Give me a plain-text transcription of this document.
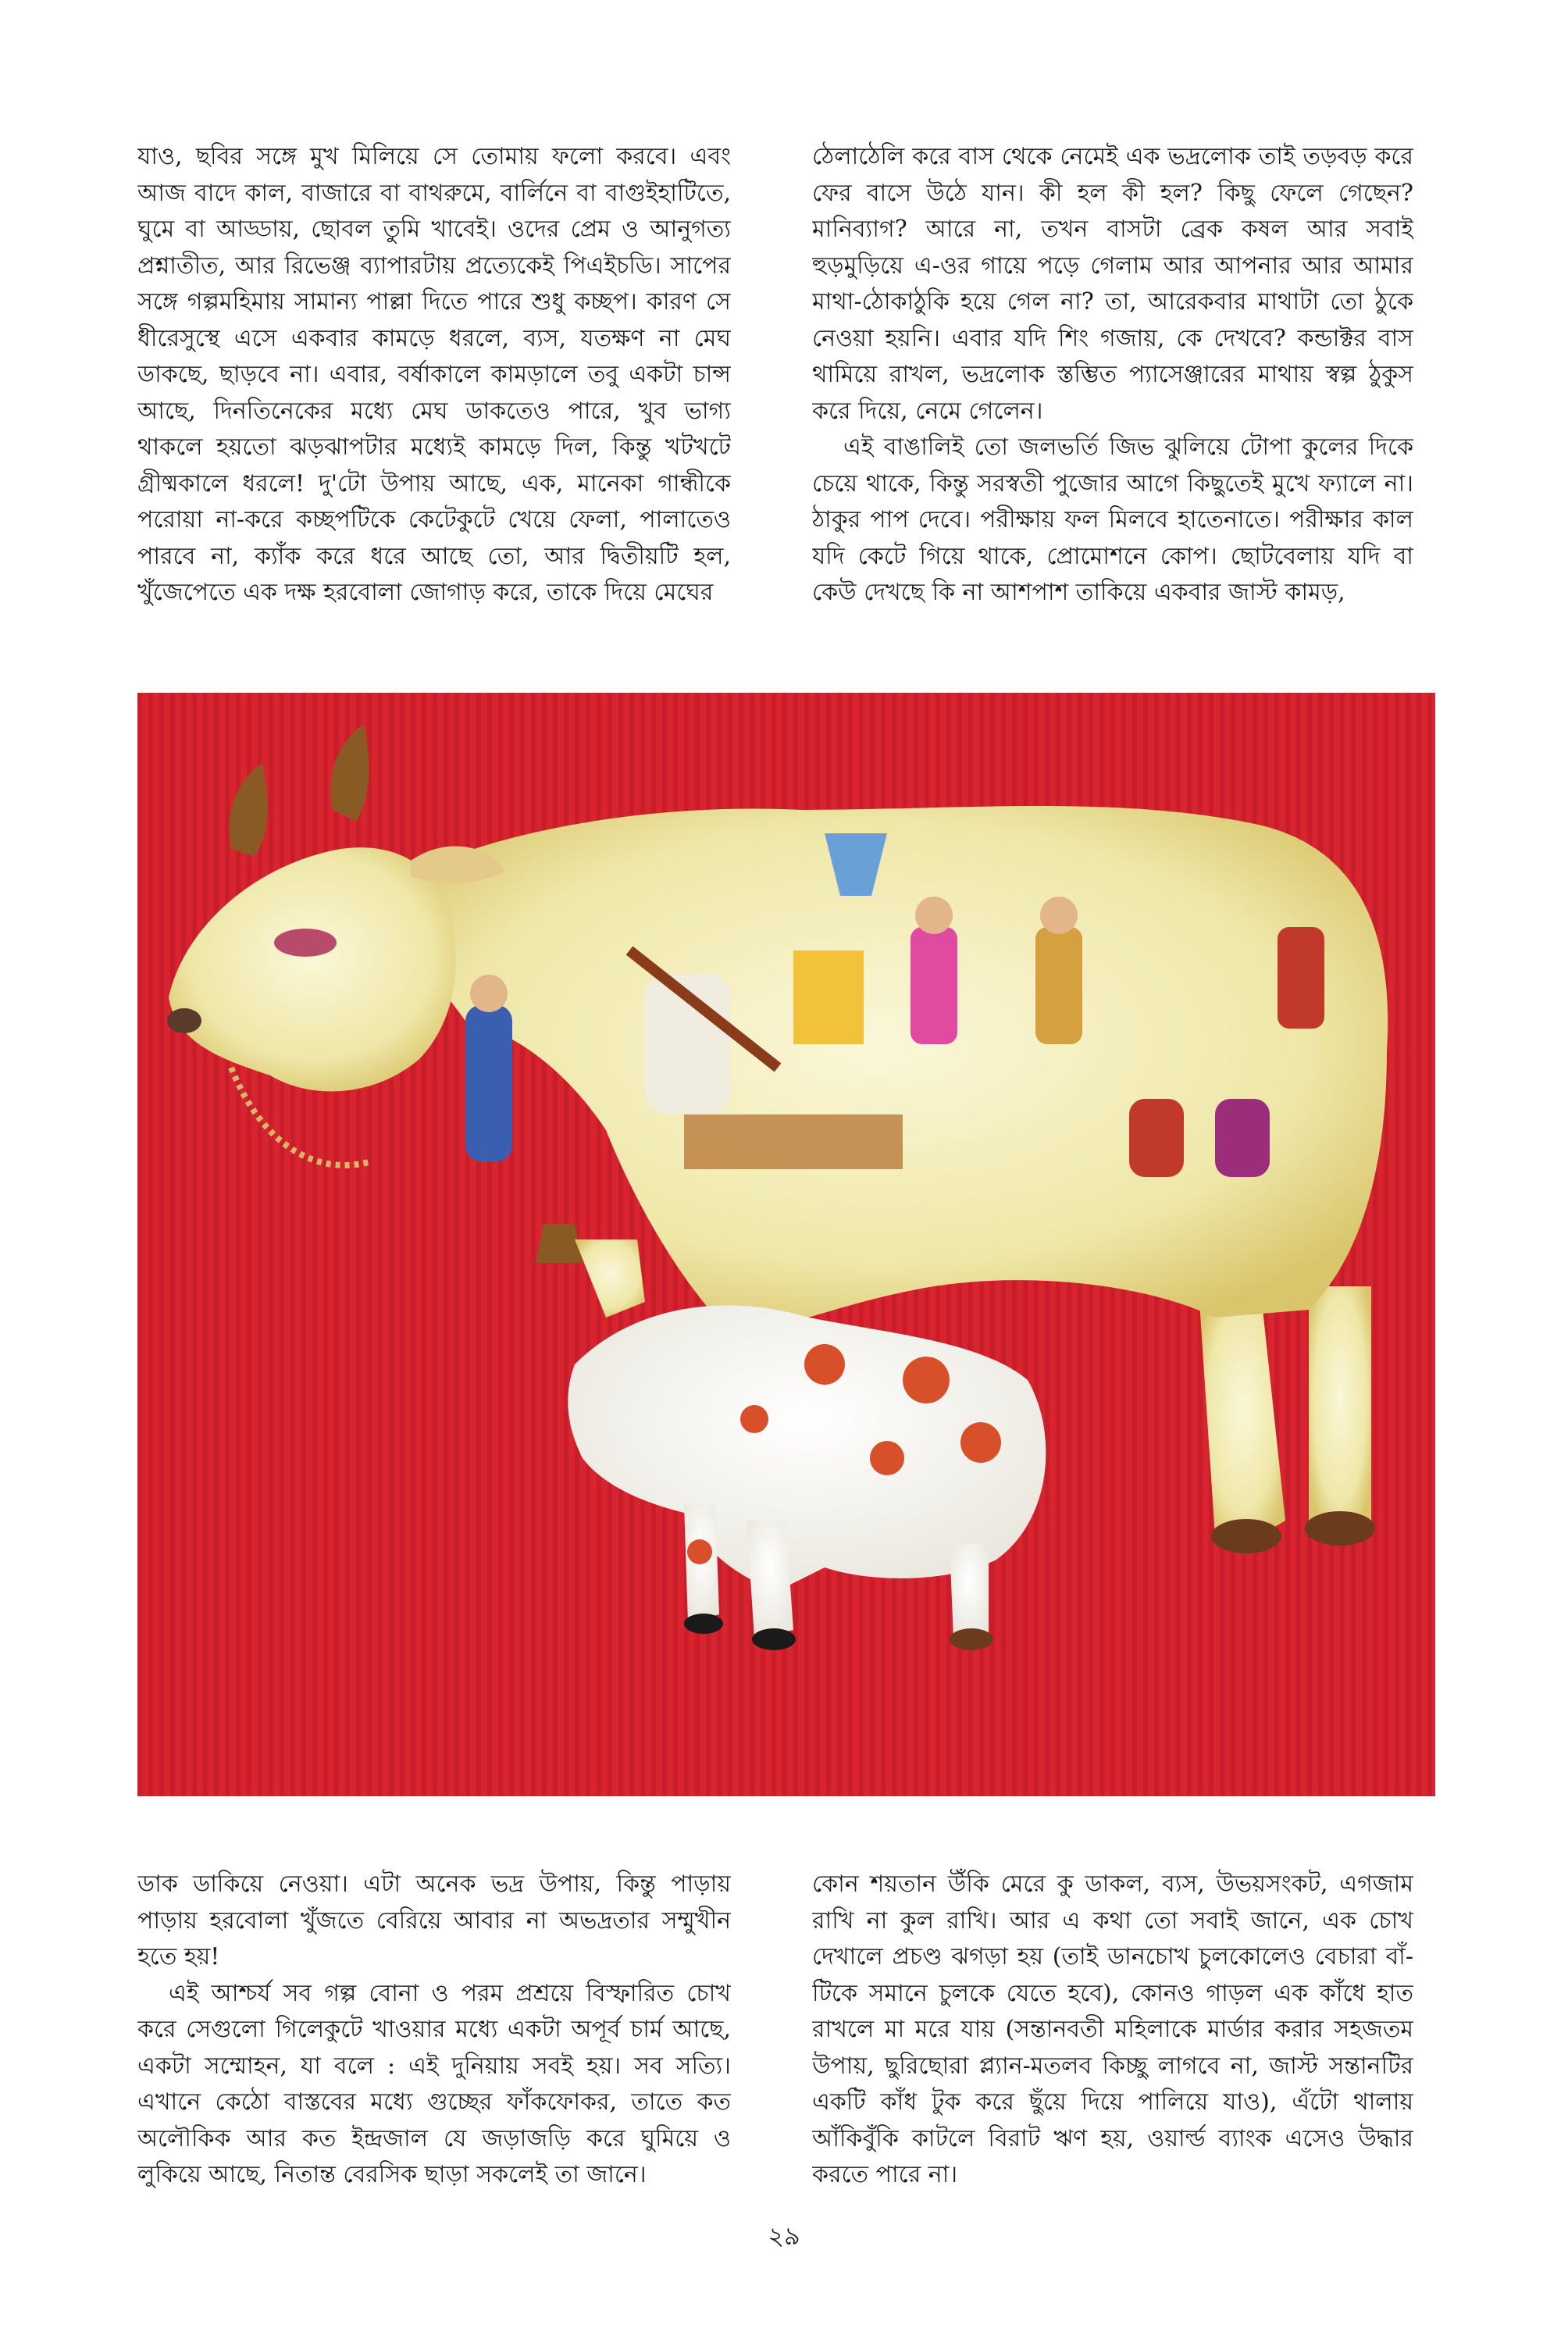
যাও, ছবির সঙ্গে মুখ মিলিয়ে সে তোমায় ফলো করবে। এবং আজ বাদে কাল, বাজারে বা বাথরুমে, বার্লিনে বা বাগুইহাটিতে, ঘুমে বা আড্ডায়, ছোবল তুমি খাবেই। ওদের প্রেম ও আনুগত্য প্রশ্নাতীত, আর রিভেঞ্জ ব্যাপারটায় প্রত্যেকেই পিএইচডি। সাপের সঙ্গে গল্পমহিমায় সামান্য পাল্লা দিতে পারে শুধু কচ্ছপ। কারণ সে ধীরেসুস্থে এসে একবার কামড়ে ধরলে, ব্যস, যতক্ষণ না মেঘ ডাকছে, ছাড়বে না। এবার, বর্ষাকালে কামড়ালে তবু একটা চান্স আছে, দিনতিনেকের মধ্যে মেঘ ডাকতেও পারে, খুব ভাগ্য থাকলে হয়তো ঝড়ঝাপটার মধ্যেই কামড়ে দিল, কিন্তু খটখটে গ্রীষ্মকালে ধরলে! দু'টো উপায় আছে, এক, মানেকা গান্ধীকে পরোয়া না-করে কচ্ছপটিকে কেটেকুটে খেয়ে ফেলা, পালাতেও পারবে না, ক্যাঁক করে ধরে আছে তো, আর দ্বিতীয়টি হল, খুঁজেপেতে এক দক্ষ হরবোলা জোগাড় করে, তাকে দিয়ে মেঘের

ঠেলাঠেলি করে বাস থেকে নেমেই এক ভদ্রলোক তাই তড়বড় করে ফের বাসে উঠে যান। কী হল কী হল? কিছু ফেলে গেছেন? মানিব্যাগ? আরে না, তখন বাসটা ব্রেক কষল আর সবাই হুড়মুড়িয়ে এ-ওর গায়ে পড়ে গেলাম আর আপনার আর আমার মাথা-ঠোকাঠুকি হয়ে গেল না? তা, আরেকবার মাথাটা তো ঠুকে নেওয়া হয়নি। এবার যদি শিং গজায়, কে দেখবে? কন্ডাক্টর বাস থামিয়ে রাখল, ভদ্রলোক স্তম্ভিত প্যাসেঞ্জারের মাথায় স্বল্প ঠুকুস করে দিয়ে, নেমে গেলেন।

এই বাঙালিই তো জলভর্তি জিভ ঝুলিয়ে টোপা কুলের দিকে চেয়ে থাকে, কিন্তু সরস্বতী পুজোর আগে কিছুতেই মুখে ফ্যালে না। ঠাকুর পাপ দেবে। পরীক্ষায় ফল মিলবে হাতেনাতে। পরীক্ষার কাল যদি কেটে গিয়ে থাকে, প্রোমোশনে কোপ। ছোটবেলায় যদি বা কেউ দেখছে কি না আশপাশ তাকিয়ে একবার জাস্ট কামড়,

ডাক ডাকিয়ে নেওয়া। এটা অনেক ভদ্র উপায়, কিন্তু পাড়ায় পাড়ায় হরবোলা খুঁজতে বেরিয়ে আবার না অভদ্রতার সম্মুখীন হতে হয়!

এই আশ্চর্য সব গল্প বোনা ও পরম প্রশ্রয়ে বিস্ফারিত চোখ করে সেগুলো গিলেকুটে খাওয়ার মধ্যে একটা অপূর্ব চার্ম আছে, একটা সম্মোহন, যা বলে : এই দুনিয়ায় সবই হয়। সব সত্যি। এখানে কেঠো বাস্তবের মধ্যে গুচ্ছের ফাঁকফোকর, তাতে কত অলৌকিক আর কত ইন্দ্রজাল যে জড়াজড়ি করে ঘুমিয়ে ও লুকিয়ে আছে, নিতান্ত বেরসিক ছাড়া সকলেই তা জানে।

কোন শয়তান উঁকি মেরে কু ডাকল, ব্যস, উভয়সংকট, এগজাম রাখি না কুল রাখি। আর এ কথা তো সবাই জানে, এক চোখ দেখালে প্রচণ্ড ঝগড়া হয় (তাই ডানচোখ চুলকোলেও বেচারা বাঁ-টিকে সমানে চুলকে যেতে হবে), কোনও গাড়ল এক কাঁধে হাত রাখলে মা মরে যায় (সন্তানবতী মহিলাকে মার্ডার করার সহজতম উপায়, ছুরিছোরা প্ল্যান-মতলব কিচ্ছু লাগবে না, জাস্ট সন্তানটির একটি কাঁধ টুক করে ছুঁয়ে দিয়ে পালিয়ে যাও), এঁটো থালায় আঁকিবুঁকি কাটলে বিরাট ঋণ হয়, ওয়ার্ল্ড ব্যাংক এসেও উদ্ধার করতে পারে না।

২৯
